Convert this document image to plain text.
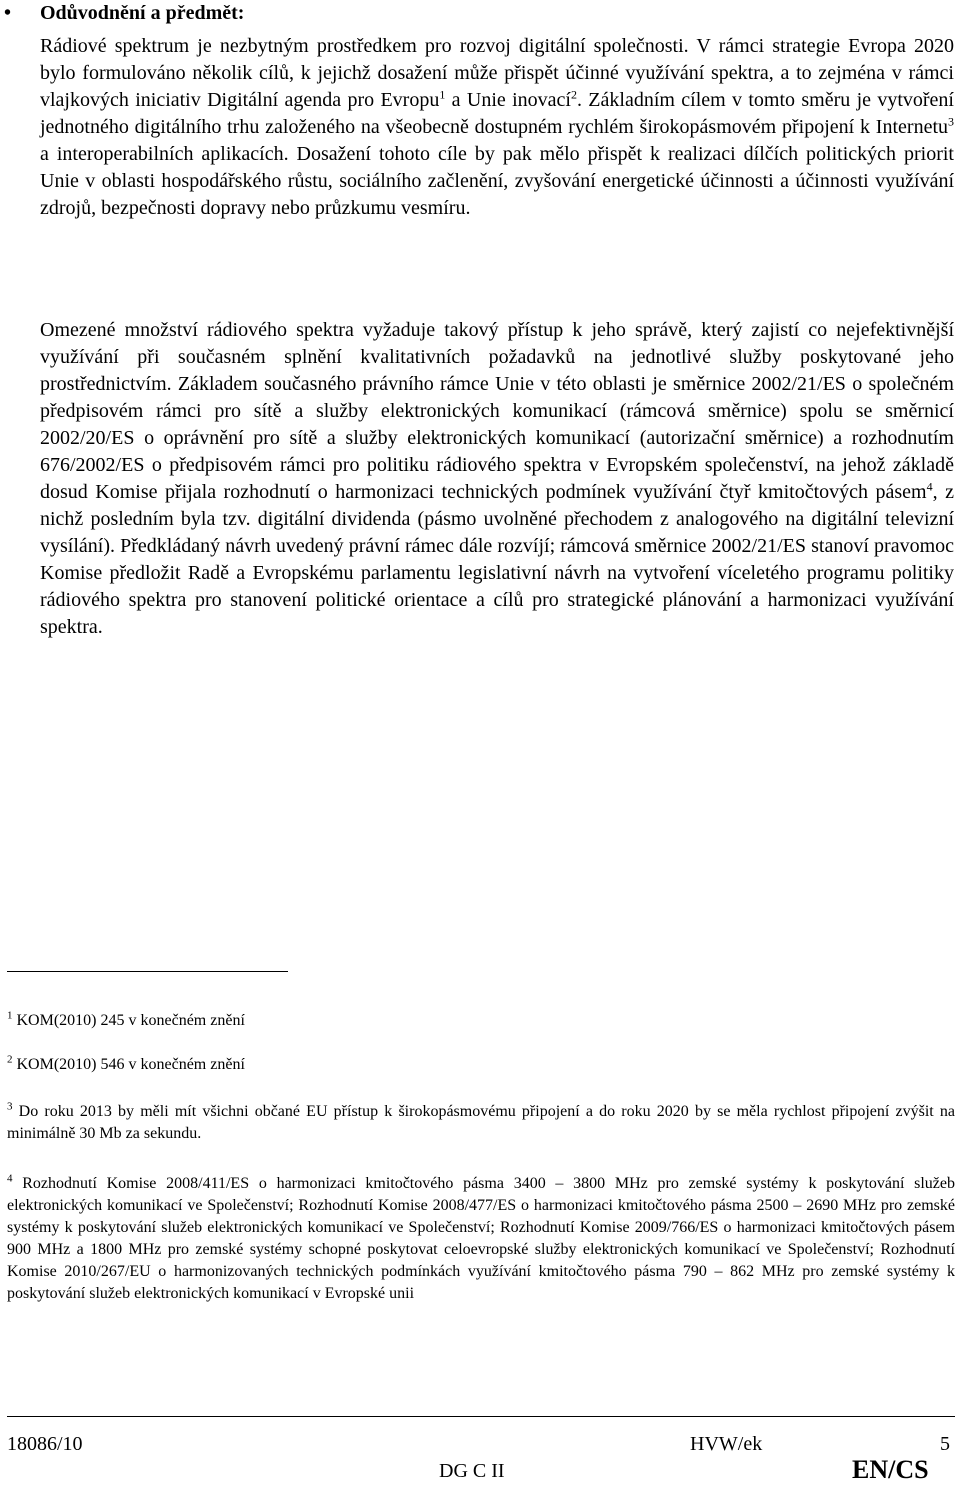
• Odůvodnění a předmět:

Rádiové spektrum je nezbytným prostředkem pro rozvoj digitální společnosti. V rámci strategie Evropa 2020 bylo formulováno několik cílů, k jejichž dosažení může přispět účinné využívání spektra, a to zejména v rámci vlajkových iniciativ Digitální agenda pro Evropu$^1$ a Unie inovací$^2$. Základním cílem v tomto směru je vytvoření jednotného digitálního trhu založeného na všeobecně dostupném rychlém širokopásmovém připojení k Internetu$^3$ a interoperabilních aplikacích. Dosažení tohoto cíle by pak mělo přispět k realizaci dílčích politických priorit Unie v oblasti hospodářského růstu, sociálního začlenění, zvyšování energetické účinnosti a účinnosti využívání zdrojů, bezpečnosti dopravy nebo průzkumu vesmíru.

Omezené množství rádiového spektra vyžaduje takový přístup k jeho správě, který zajistí co nejefektivnější využívání při současném splnění kvalitativních požadavků na jednotlivé služby poskytované jeho prostřednictvím. Základem současného právního rámce Unie v této oblasti je směrnice 2002/21/ES o společném předpisovém rámci pro sítě a služby elektronických komunikací (rámcová směrnice) spolu se směrnicí 2002/20/ES o oprávnění pro sítě a služby elektronických komunikací (autorizační směrnice) a rozhodnutím 676/2002/ES o předpisovém rámci pro politiku rádiového spektra v Evropském společenství, na jehož základě dosud Komise přijala rozhodnutí o harmonizaci technických podmínek využívání čtyř kmitočtových pásem$^4$, z nichž posledním byla tzv. digitální dividenda (pásmo uvolněné přechodem z analogového na digitální televizní vysílání). Předkládaný návrh uvedený právní rámec dále rozvíjí; rámcová směrnice 2002/21/ES stanoví pravomoc Komise předložit Radě a Evropskému parlamentu legislativní návrh na vytvoření víceletého programu politiky rádiového spektra pro stanovení politické orientace a cílů pro strategické plánování a harmonizaci využívání spektra.

$^1$ KOM(2010) 245 v konečném znění

$^2$ KOM(2010) 546 v konečném znění

$^3$ Do roku 2013 by měli mít všichni občané EU přístup k širokopásmovému připojení a do roku 2020 by se měla rychlost připojení zvýšit na minimálně 30 Mb za sekundu.

$^4$ Rozhodnutí Komise 2008/411/ES o harmonizaci kmitočtového pásma 3400 – 3800 MHz pro zemské systémy k poskytování služeb elektronických komunikací ve Společenství; Rozhodnutí Komise 2008/477/ES o harmonizaci kmitočtového pásma 2500 – 2690 MHz pro zemské systémy k poskytování služeb elektronických komunikací ve Společenství; Rozhodnutí Komise 2009/766/ES o harmonizaci kmitočtových pásem 900 MHz a 1800 MHz pro zemské systémy schopné poskytovat celoevropské služby elektronických komunikací ve Společenství; Rozhodnutí Komise 2010/267/EU o harmonizovaných technických podmínkách využívání kmitočtového pásma 790 – 862 MHz pro zemské systémy k poskytování služeb elektronických komunikací v Evropské unii

18086/10	HVW/ek	5
DG C II	EN/CS
